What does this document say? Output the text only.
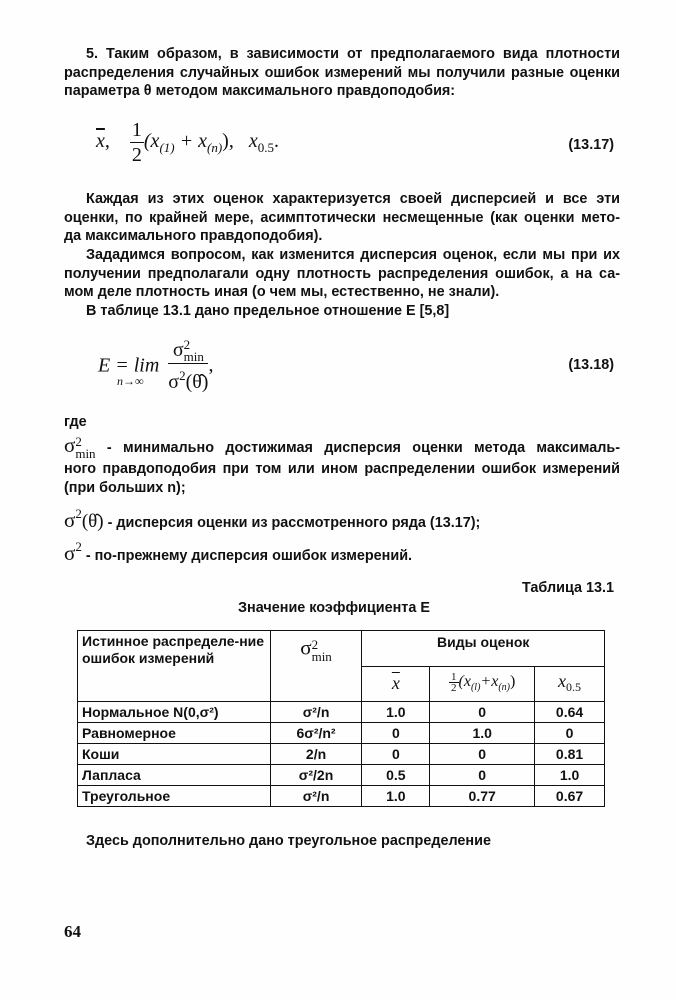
5. Таким образом, в зависимости от предполагаемого вида плотности
распределения случайных ошибок измерений мы получили разные оценки
параметра θ методом максимального правдоподобия:
$\overline{x}$, $\frac{1}{2} (x_{(1)} + x_{(n)})$, $x_{0.5}$.	(13.17)
Каждая из этих оценок характеризуется своей дисперсией и все эти
оценки, по крайней мере, асимптотически несмещенные (как оценки мето-
да максимального правдоподобия).
Зададимся вопросом, как изменится дисперсия оценок, если мы при их
получении предполагали одну плотность распределения ошибок, а на са-
мом деле плотность иная (о чем мы, естественно, не знали).
В таблице 13.1 дано предельное отношение E [5,8]
E = lim σ 2
min
$\sigma^2(\thetâ)$ ,
n→∞
(13.18)
где
σ 2
min - минимально достижимая дисперсия оценки метода максималь-
ного правдоподобия при том или ином распределении ошибок измерений
(при больших n);
σ2(θ̂) - дисперсия оценки из рассмотренного ряда (13.17);
σ2 - по-прежнему дисперсия ошибок измерений.
Таблица 13.1
Значение коэффициента E
Истинное распределе-ние ошибок измерений	σ 2
min	Виды оценок		
		$\overline{x}$	$\frac{1}{2} (x_{(l)}+x_{(n)})$	x0.5
Нормальное N(0,σ²)	σ²/n	1.0	0	0.64
Равномерное	6σ²/n²	0	1.0	0
Коши	2/n	0	0	0.81
Лапласа	σ²/2n	0.5	0	1.0
Треугольное	σ²/n	1.0	0.77	0.67
Здесь дополнительно дано треугольное распределение
64
